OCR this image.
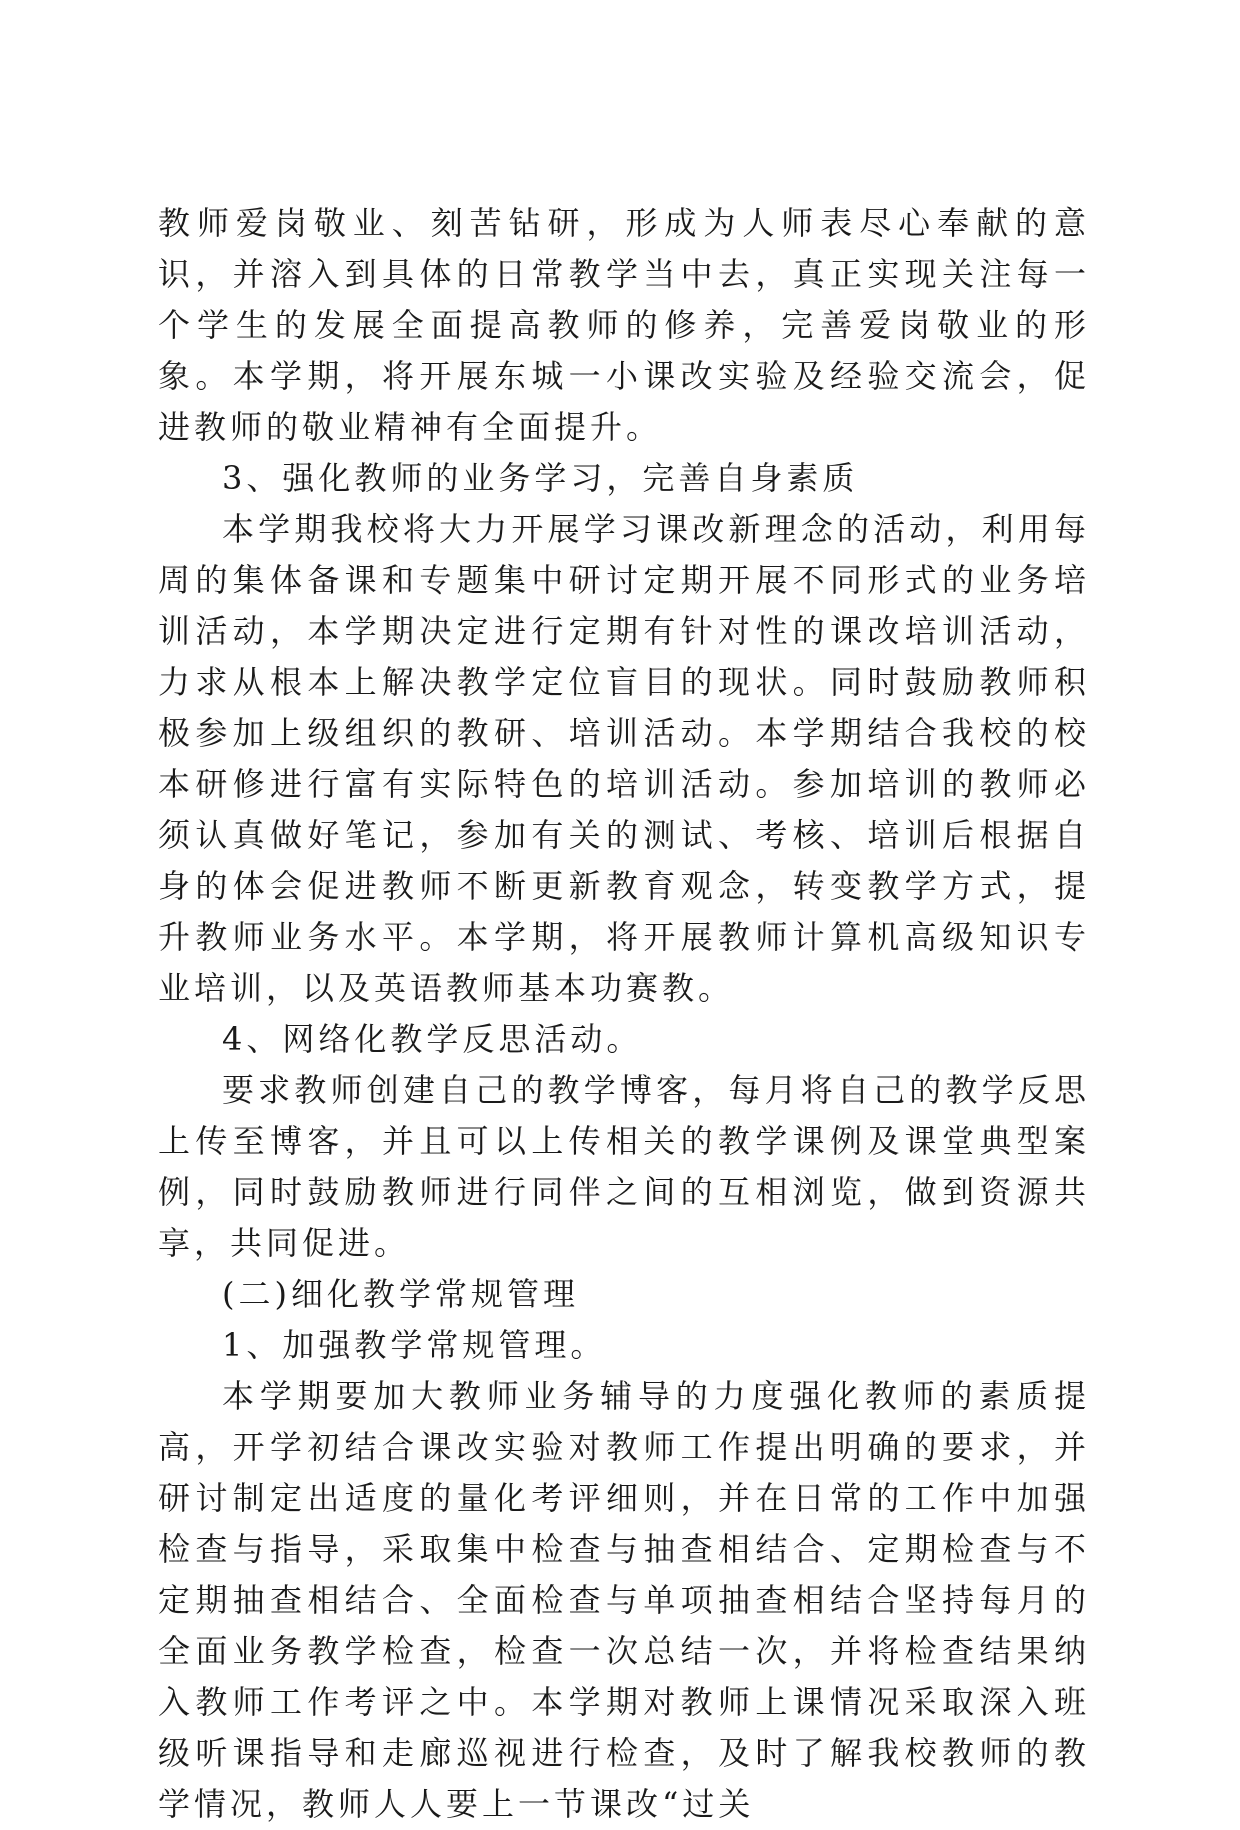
教师爱岗敬业、刻苦钻研，形成为人师表尽心奉献的意识，并溶入到具体的日常教学当中去，真正实现关注每一个学生的发展全面提高教师的修养，完善爱岗敬业的形象。本学期，将开展东城一小课改实验及经验交流会，促进教师的敬业精神有全面提升。

3、强化教师的业务学习，完善自身素质

本学期我校将大力开展学习课改新理念的活动，利用每周的集体备课和专题集中研讨定期开展不同形式的业务培训活动，本学期决定进行定期有针对性的课改培训活动，力求从根本上解决教学定位盲目的现状。同时鼓励教师积极参加上级组织的教研、培训活动。本学期结合我校的校本研修进行富有实际特色的培训活动。参加培训的教师必须认真做好笔记，参加有关的测试、考核、培训后根据自身的体会促进教师不断更新教育观念，转变教学方式，提升教师业务水平。本学期，将开展教师计算机高级知识专业培训，以及英语教师基本功赛教。

4、网络化教学反思活动。

要求教师创建自己的教学博客，每月将自己的教学反思上传至博客，并且可以上传相关的教学课例及课堂典型案例，同时鼓励教师进行同伴之间的互相浏览，做到资源共享，共同促进。

(二)细化教学常规管理

1、加强教学常规管理。

本学期要加大教师业务辅导的力度强化教师的素质提高，开学初结合课改实验对教师工作提出明确的要求，并研讨制定出适度的量化考评细则，并在日常的工作中加强检查与指导，采取集中检查与抽查相结合、定期检查与不定期抽查相结合、全面检查与单项抽查相结合坚持每月的全面业务教学检查，检查一次总结一次，并将检查结果纳入教师工作考评之中。本学期对教师上课情况采取深入班级听课指导和走廊巡视进行检查，及时了解我校教师的教学情况，教师人人要上一节课改“过关
